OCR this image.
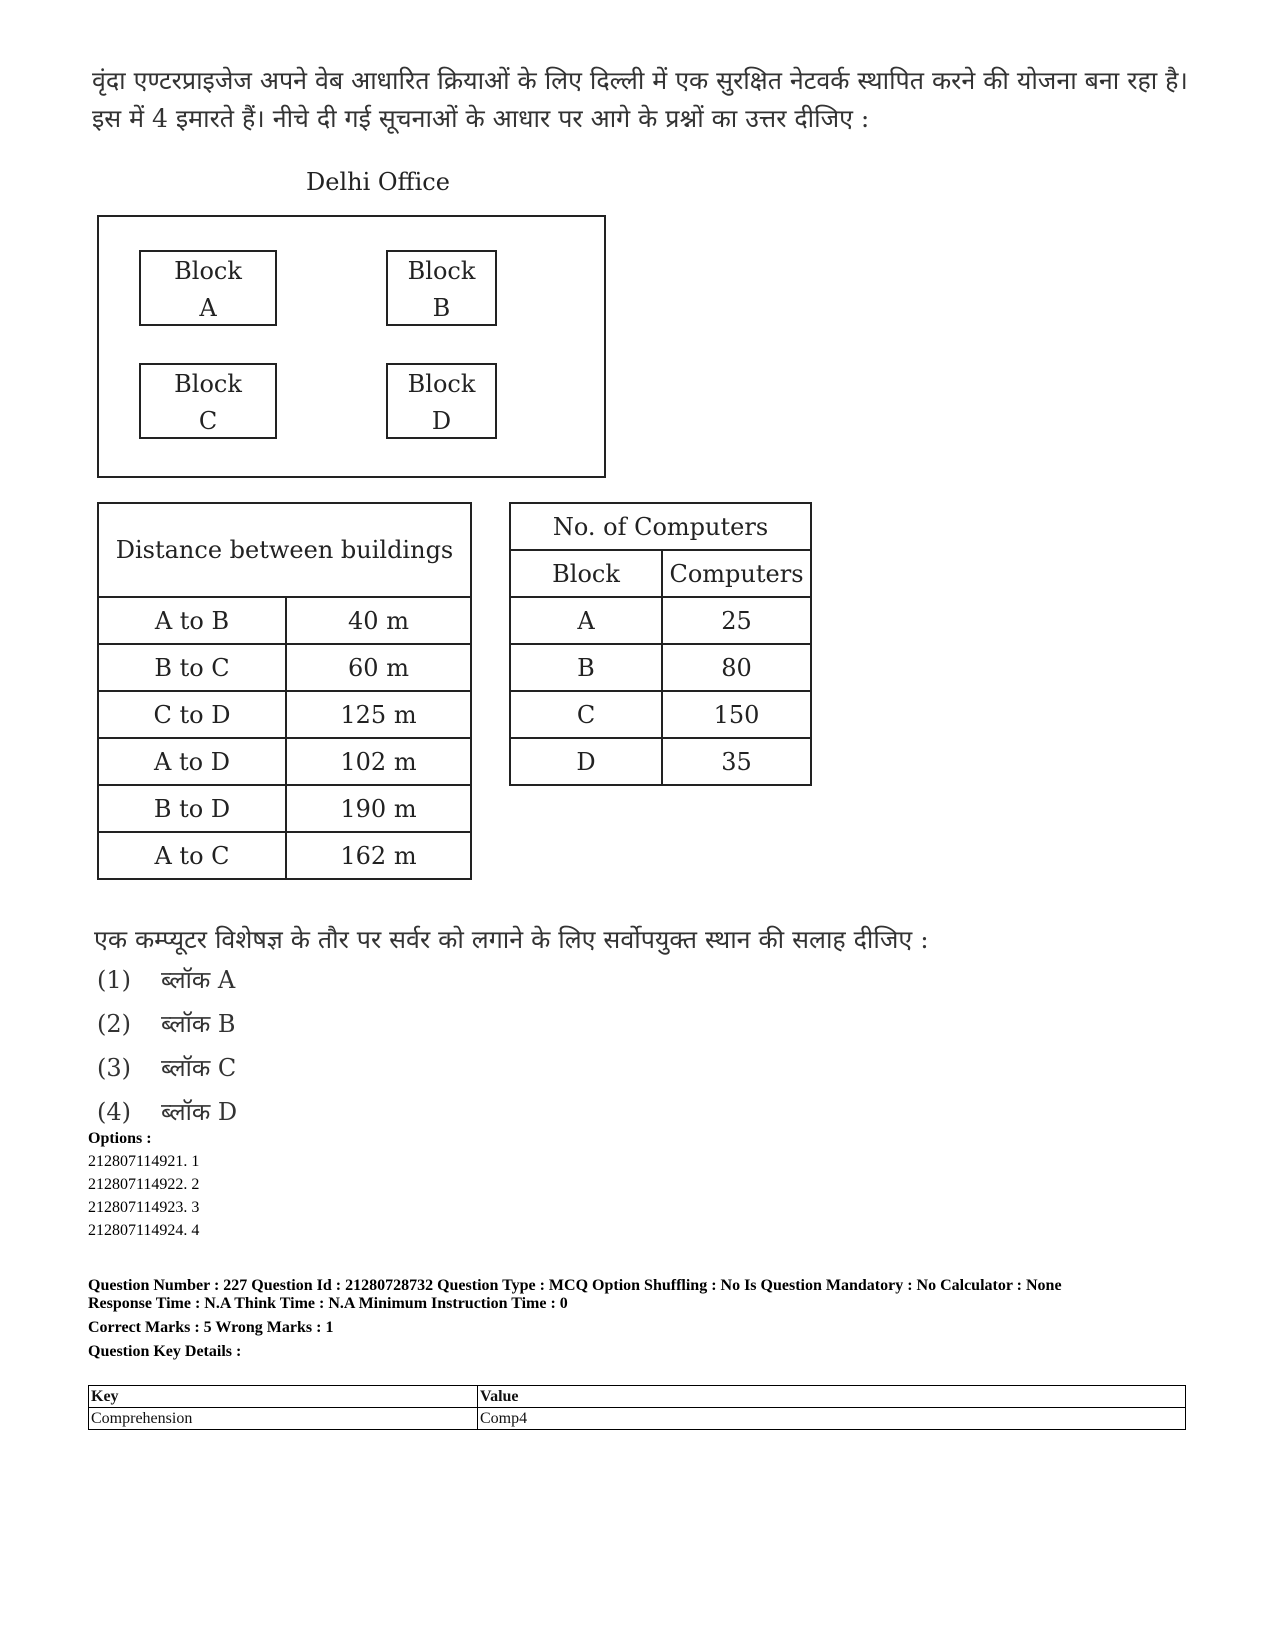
वृंदा एण्टरप्राइजेज अपने वेब आधारित क्रियाओं के लिए दिल्ली में एक सुरक्षित नेटवर्क स्थापित करने की योजना बना रहा है।
इस में 4 इमारते हैं। नीचे दी गई सूचनाओं के आधार पर आगे के प्रश्नों का उत्तर दीजिए :
Delhi Office
Block
A
Block
B
Block
C
Block
D
Distance between buildings	
A to B	40 m
B to C	60 m
C to D	125 m
A to D	102 m
B to D	190 m
A to C	162 m
No. of Computers	
Block	Computers
A	25
B	80
C	150
D	35
एक कम्प्यूटर विशेषज्ञ के तौर पर सर्वर को लगाने के लिए सर्वोपयुक्त स्थान की सलाह दीजिए :
(1) ब्लॉक A
(2) ब्लॉक B
(3) ब्लॉक C
(4) ब्लॉक D
Options :
212807114921. 1
212807114922. 2
212807114923. 3
212807114924. 4
Question Number : 227 Question Id : 21280728732 Question Type : MCQ Option Shuffling : No Is Question Mandatory : No Calculator : None
Response Time : N.A Think Time : N.A Minimum Instruction Time : 0
Correct Marks : 5 Wrong Marks : 1
Question Key Details :
Key	Value
Comprehension	Comp4
